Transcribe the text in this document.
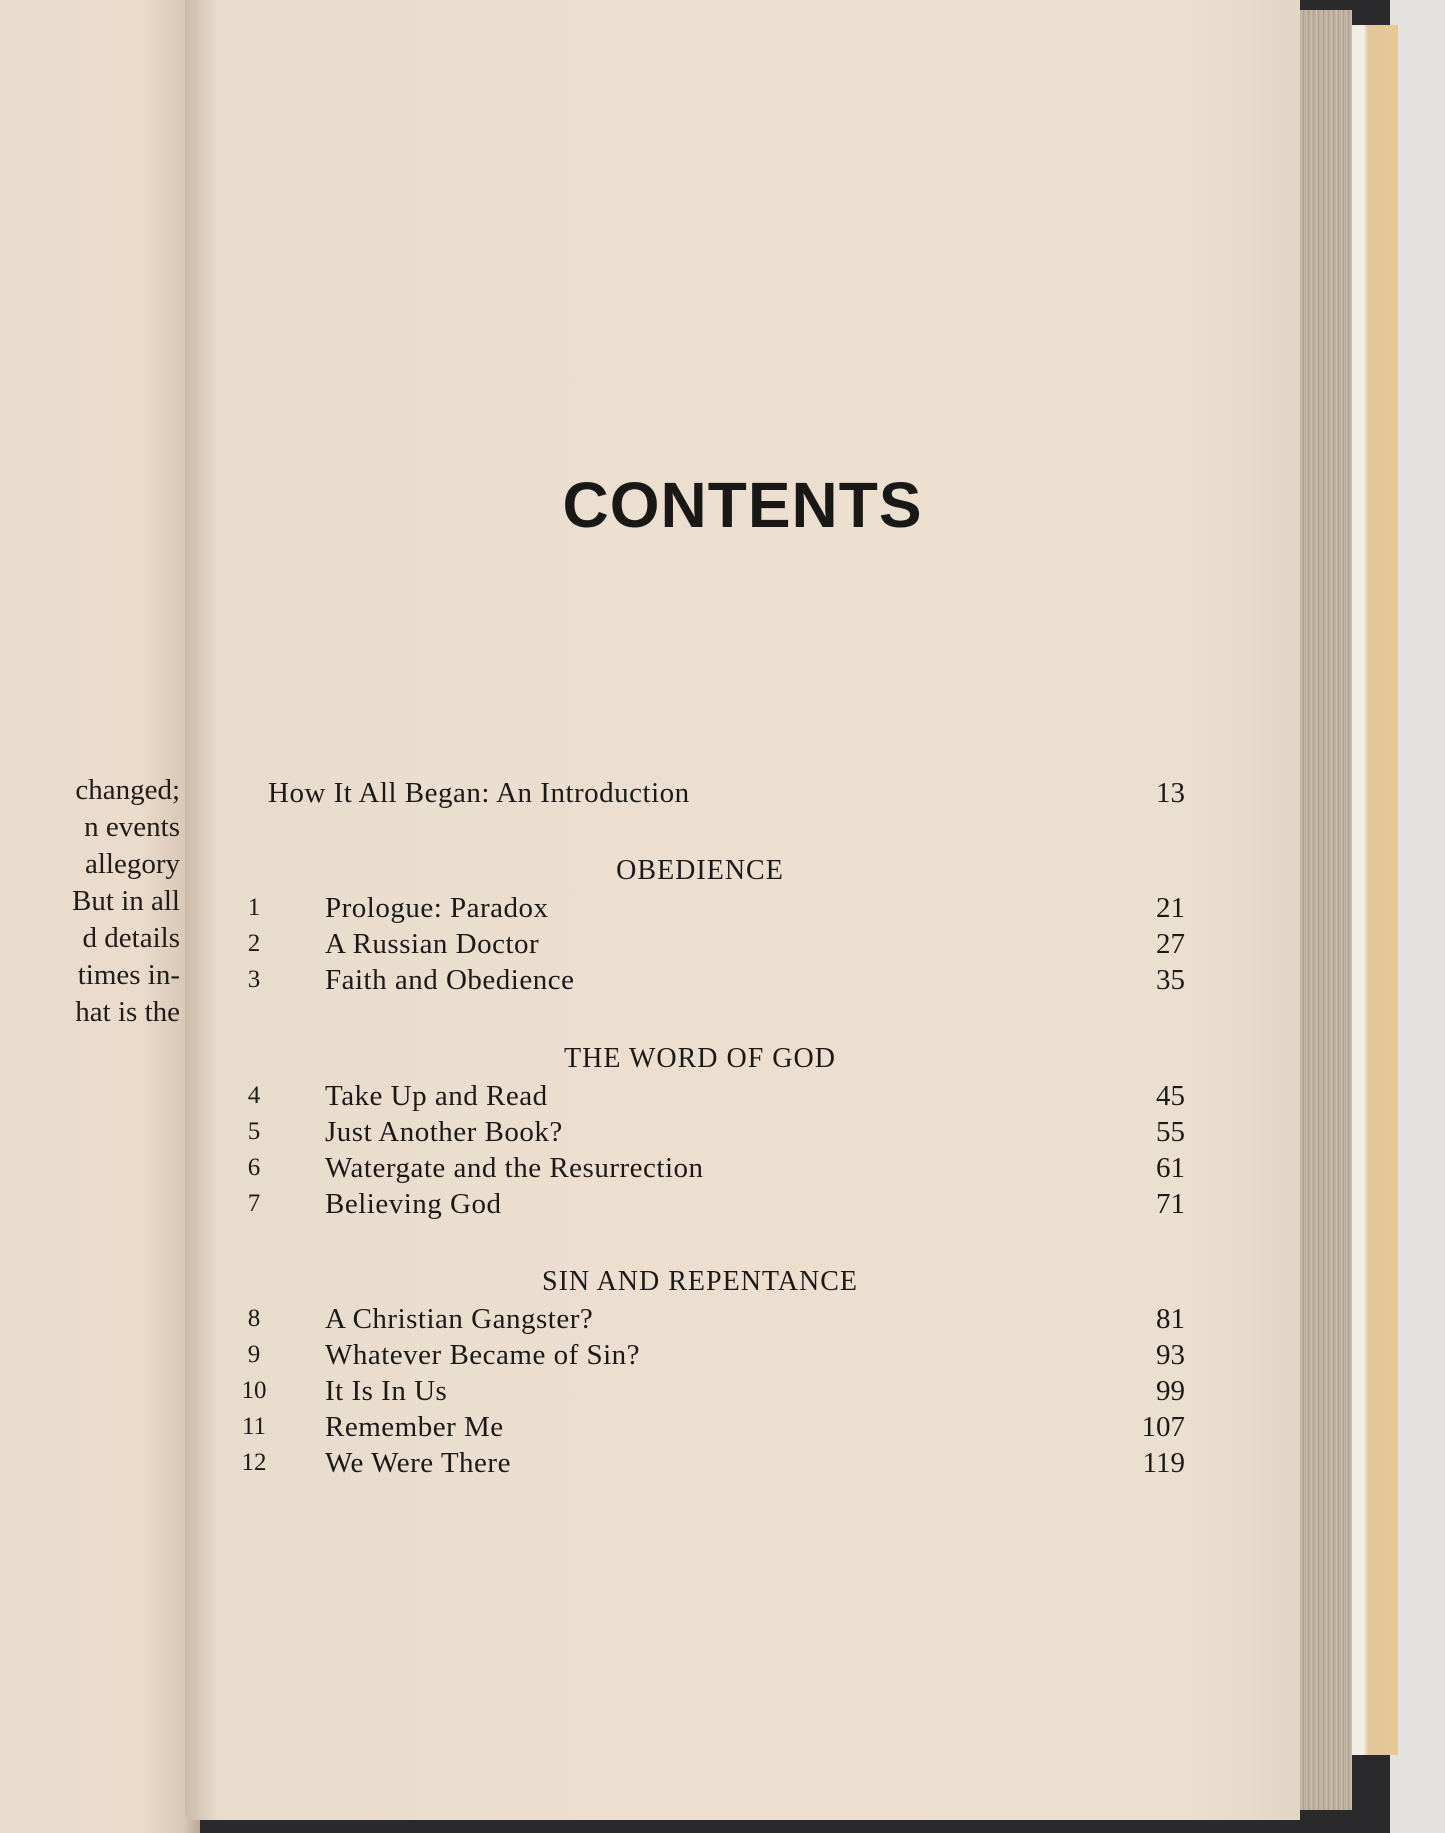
changed;
n events
allegory
But in all
d details
times in-
hat is the
CONTENTS
How It All Began: An Introduction	13
OBEDIENCE
1	Prologue: Paradox	21
2	A Russian Doctor	27
3	Faith and Obedience	35
THE WORD OF GOD
4	Take Up and Read	45
5	Just Another Book?	55
6	Watergate and the Resurrection	61
7	Believing God	71
SIN AND REPENTANCE
8	A Christian Gangster?	81
9	Whatever Became of Sin?	93
10 It Is In Us	99
11 Remember Me	107
12 We Were There	119
